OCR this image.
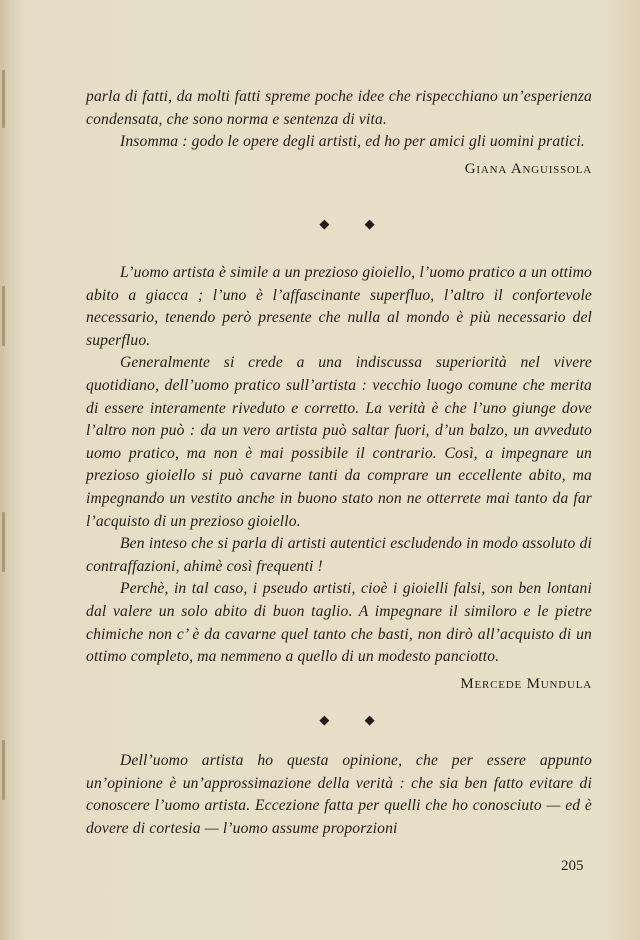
parla di fatti, da molti fatti spreme poche idee che rispecchiano un’esperienza condensata, che sono norma e sentenza di vita.

Insomma : godo le opere degli artisti, ed ho per amici gli uomini pratici.

Giana Anguissola

◆ ◆

L’uomo artista è simile a un prezioso gioiello, l’uomo pratico a un ottimo abito a giacca ; l’uno è l’affascinante superfluo, l’altro il confortevole necessario, tenendo però presente che nulla al mondo è più necessario del superfluo.

Generalmente si crede a una indiscussa superiorità nel vivere quotidiano, dell’uomo pratico sull’artista : vecchio luogo comune che merita di essere interamente riveduto e corretto. La verità è che l’uno giunge dove l’altro non può : da un vero artista può saltar fuori, d’un balzo, un avveduto uomo pratico, ma non è mai possibile il contrario. Così, a impegnare un prezioso gioiello si può cavarne tanti da comprare un eccellente abito, ma impegnando un vestito anche in buono stato non ne otterrete mai tanto da far l’acquisto di un prezioso gioiello.

Ben inteso che si parla di artisti autentici escludendo in modo assoluto di contraffazioni, ahimè così frequenti !

Perchè, in tal caso, i pseudo artisti, cioè i gioielli falsi, son ben lontani dal valere un solo abito di buon taglio. A impegnare il similoro e le pietre chimiche non c’ è da cavarne quel tanto che basti, non dirò all’acquisto di un ottimo completo, ma nemmeno a quello di un modesto panciotto.

Mercede Mundula

◆ ◆

Dell’uomo artista ho questa opinione, che per essere appunto un’opinione è un’approssimazione della verità : che sia ben fatto evitare di conoscere l’uomo artista. Eccezione fatta per quelli che ho conosciuto — ed è dovere di cortesia — l’uomo assume proporzioni

205
